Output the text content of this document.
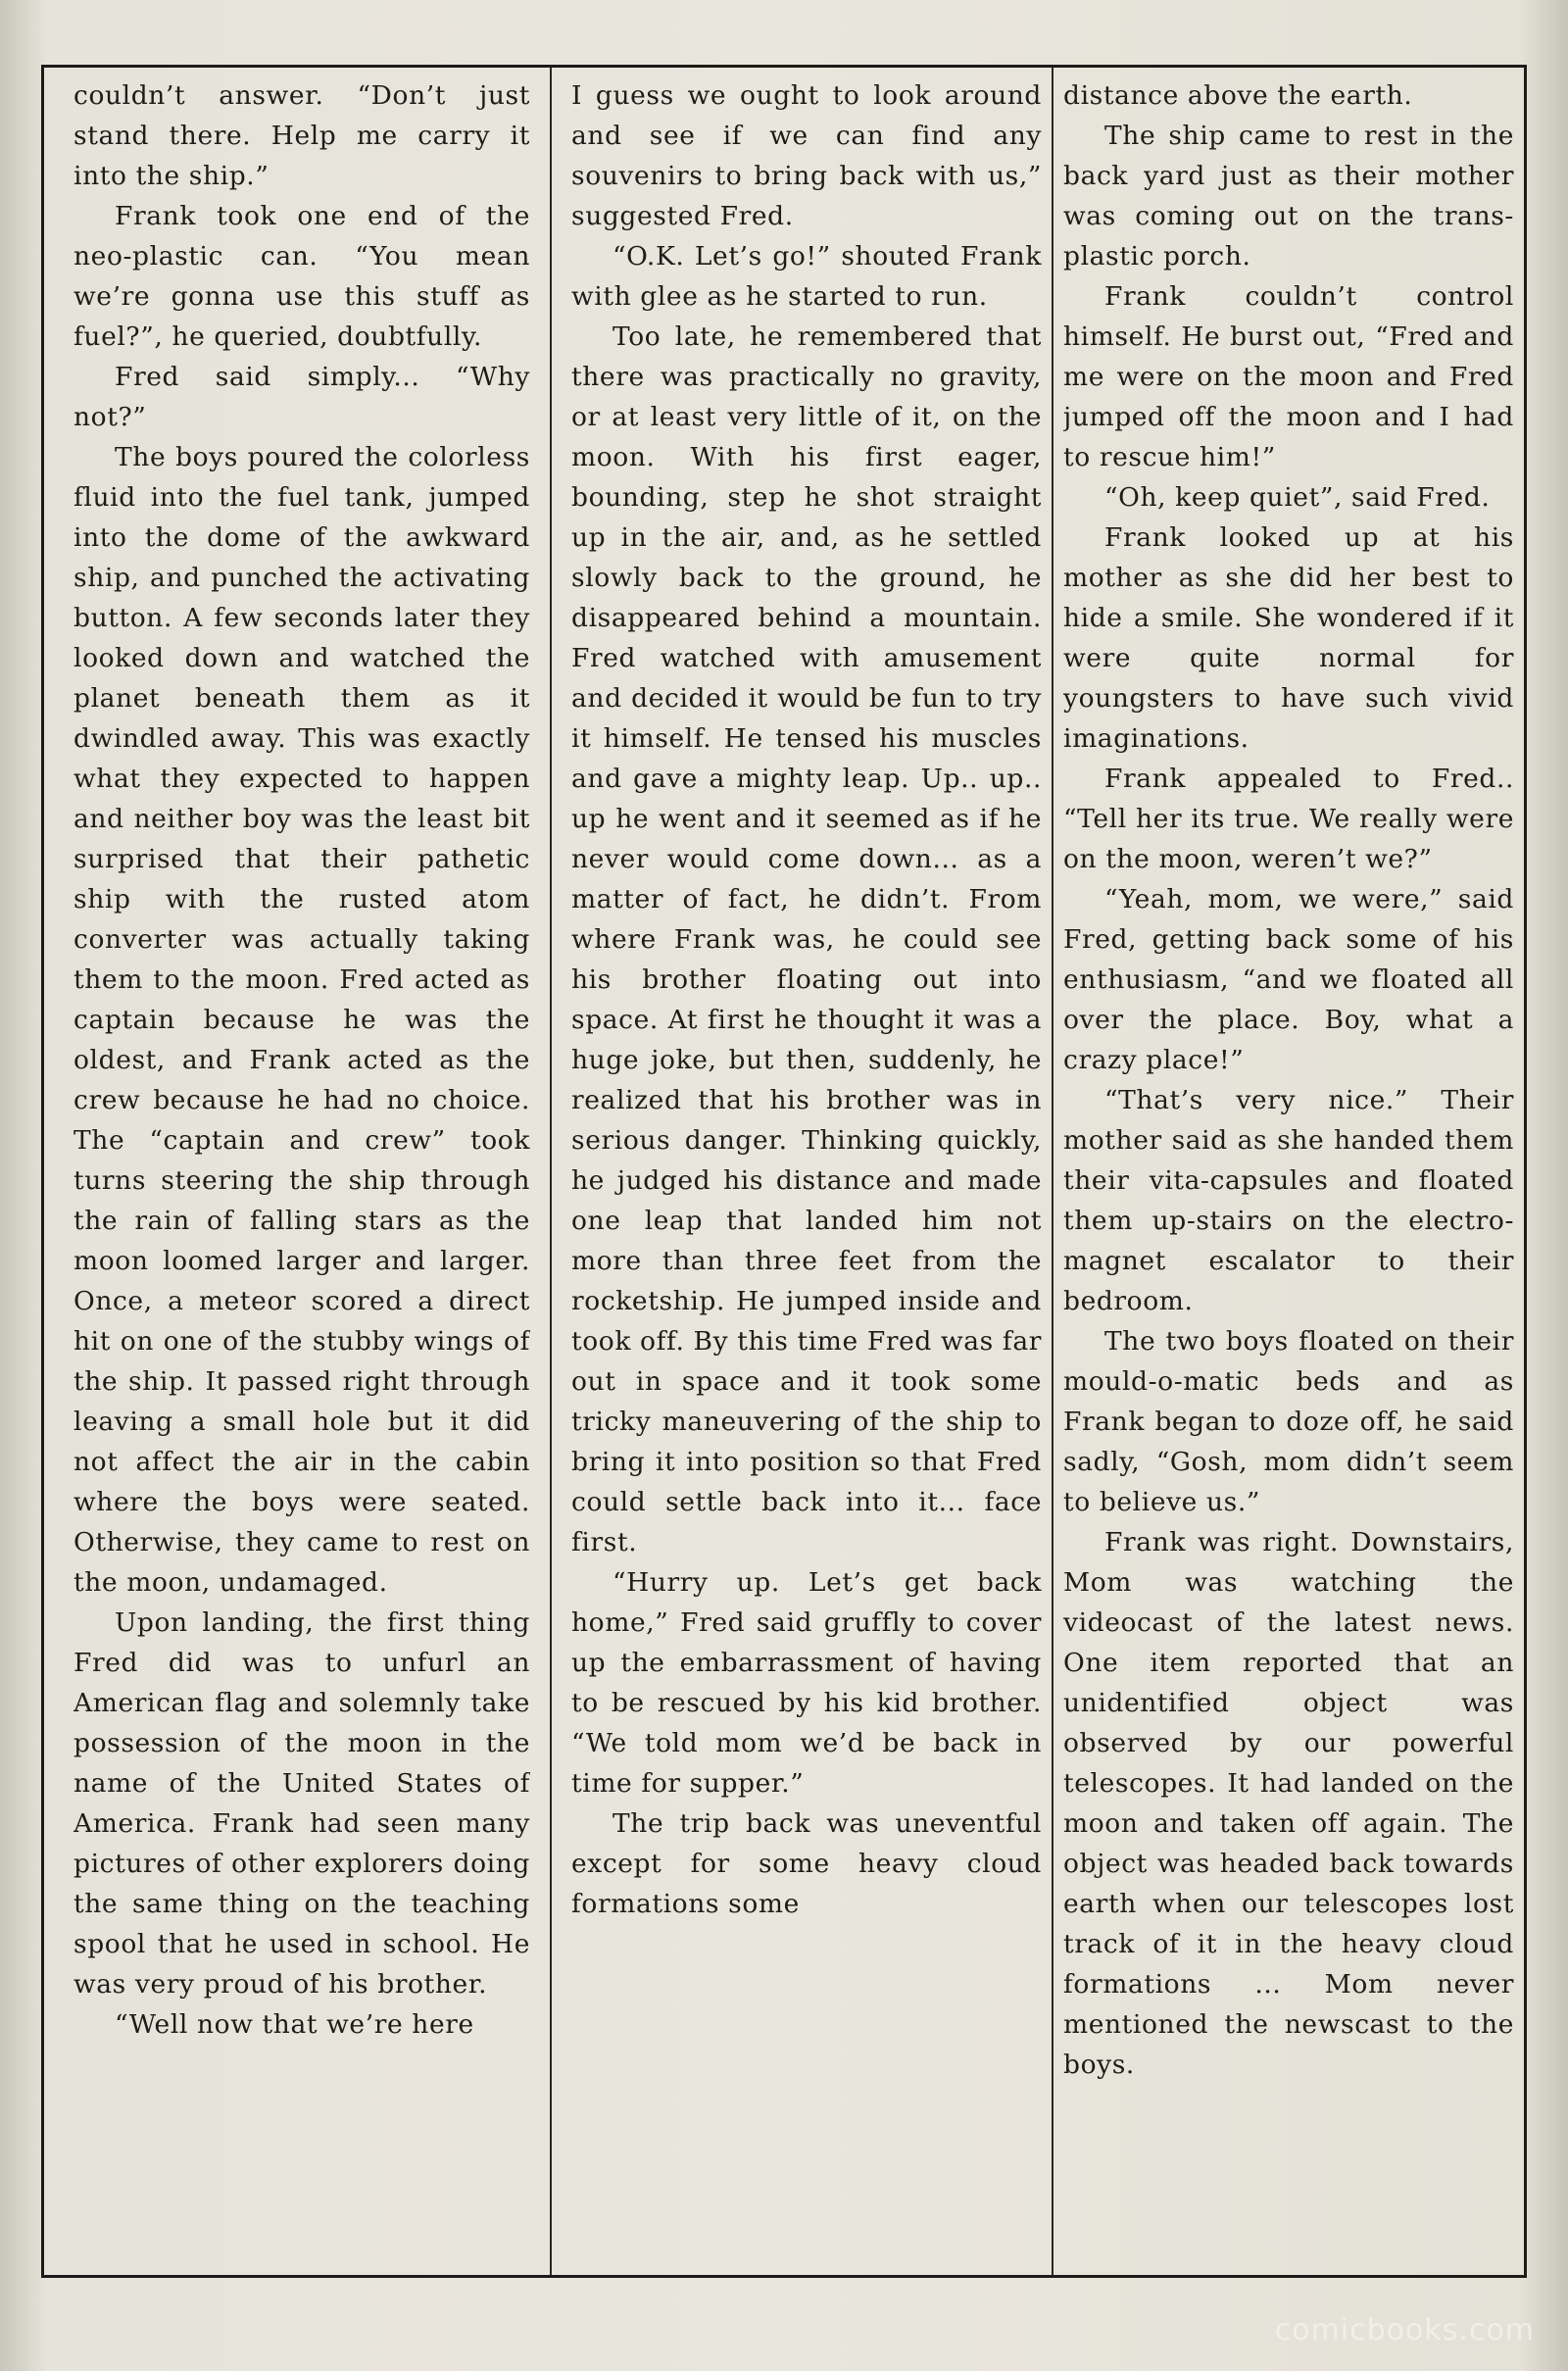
couldn’t answer. “Don’t just stand there. Help me carry it into the ship.”

Frank took one end of the neo-plastic can. “You mean we’re gonna use this stuff as fuel?”, he queried, doubtfully.

Fred said simply... “Why not?”

The boys poured the colorless fluid into the fuel tank, jumped into the dome of the awkward ship, and punched the activating button. A few seconds later they looked down and watched the planet beneath them as it dwindled away. This was exactly what they expected to happen and neither boy was the least bit surprised that their pathetic ship with the rusted atom converter was actually taking them to the moon. Fred acted as captain because he was the oldest, and Frank acted as the crew because he had no choice. The “captain and crew” took turns steering the ship through the rain of falling stars as the moon loomed larger and larger. Once, a meteor scored a direct hit on one of the stubby wings of the ship. It passed right through leaving a small hole but it did not affect the air in the cabin where the boys were seated. Otherwise, they came to rest on the moon, undamaged.

Upon landing, the first thing Fred did was to unfurl an American flag and solemnly take possession of the moon in the name of the United States of America. Frank had seen many pictures of other explorers doing the same thing on the teaching spool that he used in school. He was very proud of his brother.

“Well now that we’re here

I guess we ought to look around and see if we can find any souvenirs to bring back with us,” suggested Fred.

“O.K. Let’s go!” shouted Frank with glee as he started to run.

Too late, he remembered that there was practically no gravity, or at least very little of it, on the moon. With his first eager, bounding, step he shot straight up in the air, and, as he settled slowly back to the ground, he disappeared behind a mountain. Fred watched with amusement and decided it would be fun to try it himself. He tensed his muscles and gave a mighty leap. Up.. up.. up he went and it seemed as if he never would come down... as a matter of fact, he didn’t. From where Frank was, he could see his brother floating out into space. At first he thought it was a huge joke, but then, suddenly, he realized that his brother was in serious danger. Thinking quickly, he judged his distance and made one leap that landed him not more than three feet from the rocketship. He jumped inside and took off. By this time Fred was far out in space and it took some tricky maneuvering of the ship to bring it into position so that Fred could settle back into it... face first.

“Hurry up. Let’s get back home,” Fred said gruffly to cover up the embarrassment of having to be rescued by his kid brother. “We told mom we’d be back in time for supper.”

The trip back was uneventful except for some heavy cloud formations some

distance above the earth.

The ship came to rest in the back yard just as their mother was coming out on the trans-plastic porch.

Frank couldn’t control himself. He burst out, “Fred and me were on the moon and Fred jumped off the moon and I had to rescue him!”

“Oh, keep quiet”, said Fred.

Frank looked up at his mother as she did her best to hide a smile. She wondered if it were quite normal for youngsters to have such vivid imaginations.

Frank appealed to Fred.. “Tell her its true. We really were on the moon, weren’t we?”

“Yeah, mom, we were,” said Fred, getting back some of his enthusiasm, “and we floated all over the place. Boy, what a crazy place!”

“That’s very nice.” Their mother said as she handed them their vita-capsules and floated them up-stairs on the electro-magnet escalator to their bedroom.

The two boys floated on their mould-o-matic beds and as Frank began to doze off, he said sadly, “Gosh, mom didn’t seem to believe us.”

Frank was right. Downstairs, Mom was watching the videocast of the latest news. One item reported that an unidentified object was observed by our powerful telescopes. It had landed on the moon and taken off again. The object was headed back towards earth when our telescopes lost track of it in the heavy cloud formations ... Mom never mentioned the newscast to the boys.

comicbooks.com
